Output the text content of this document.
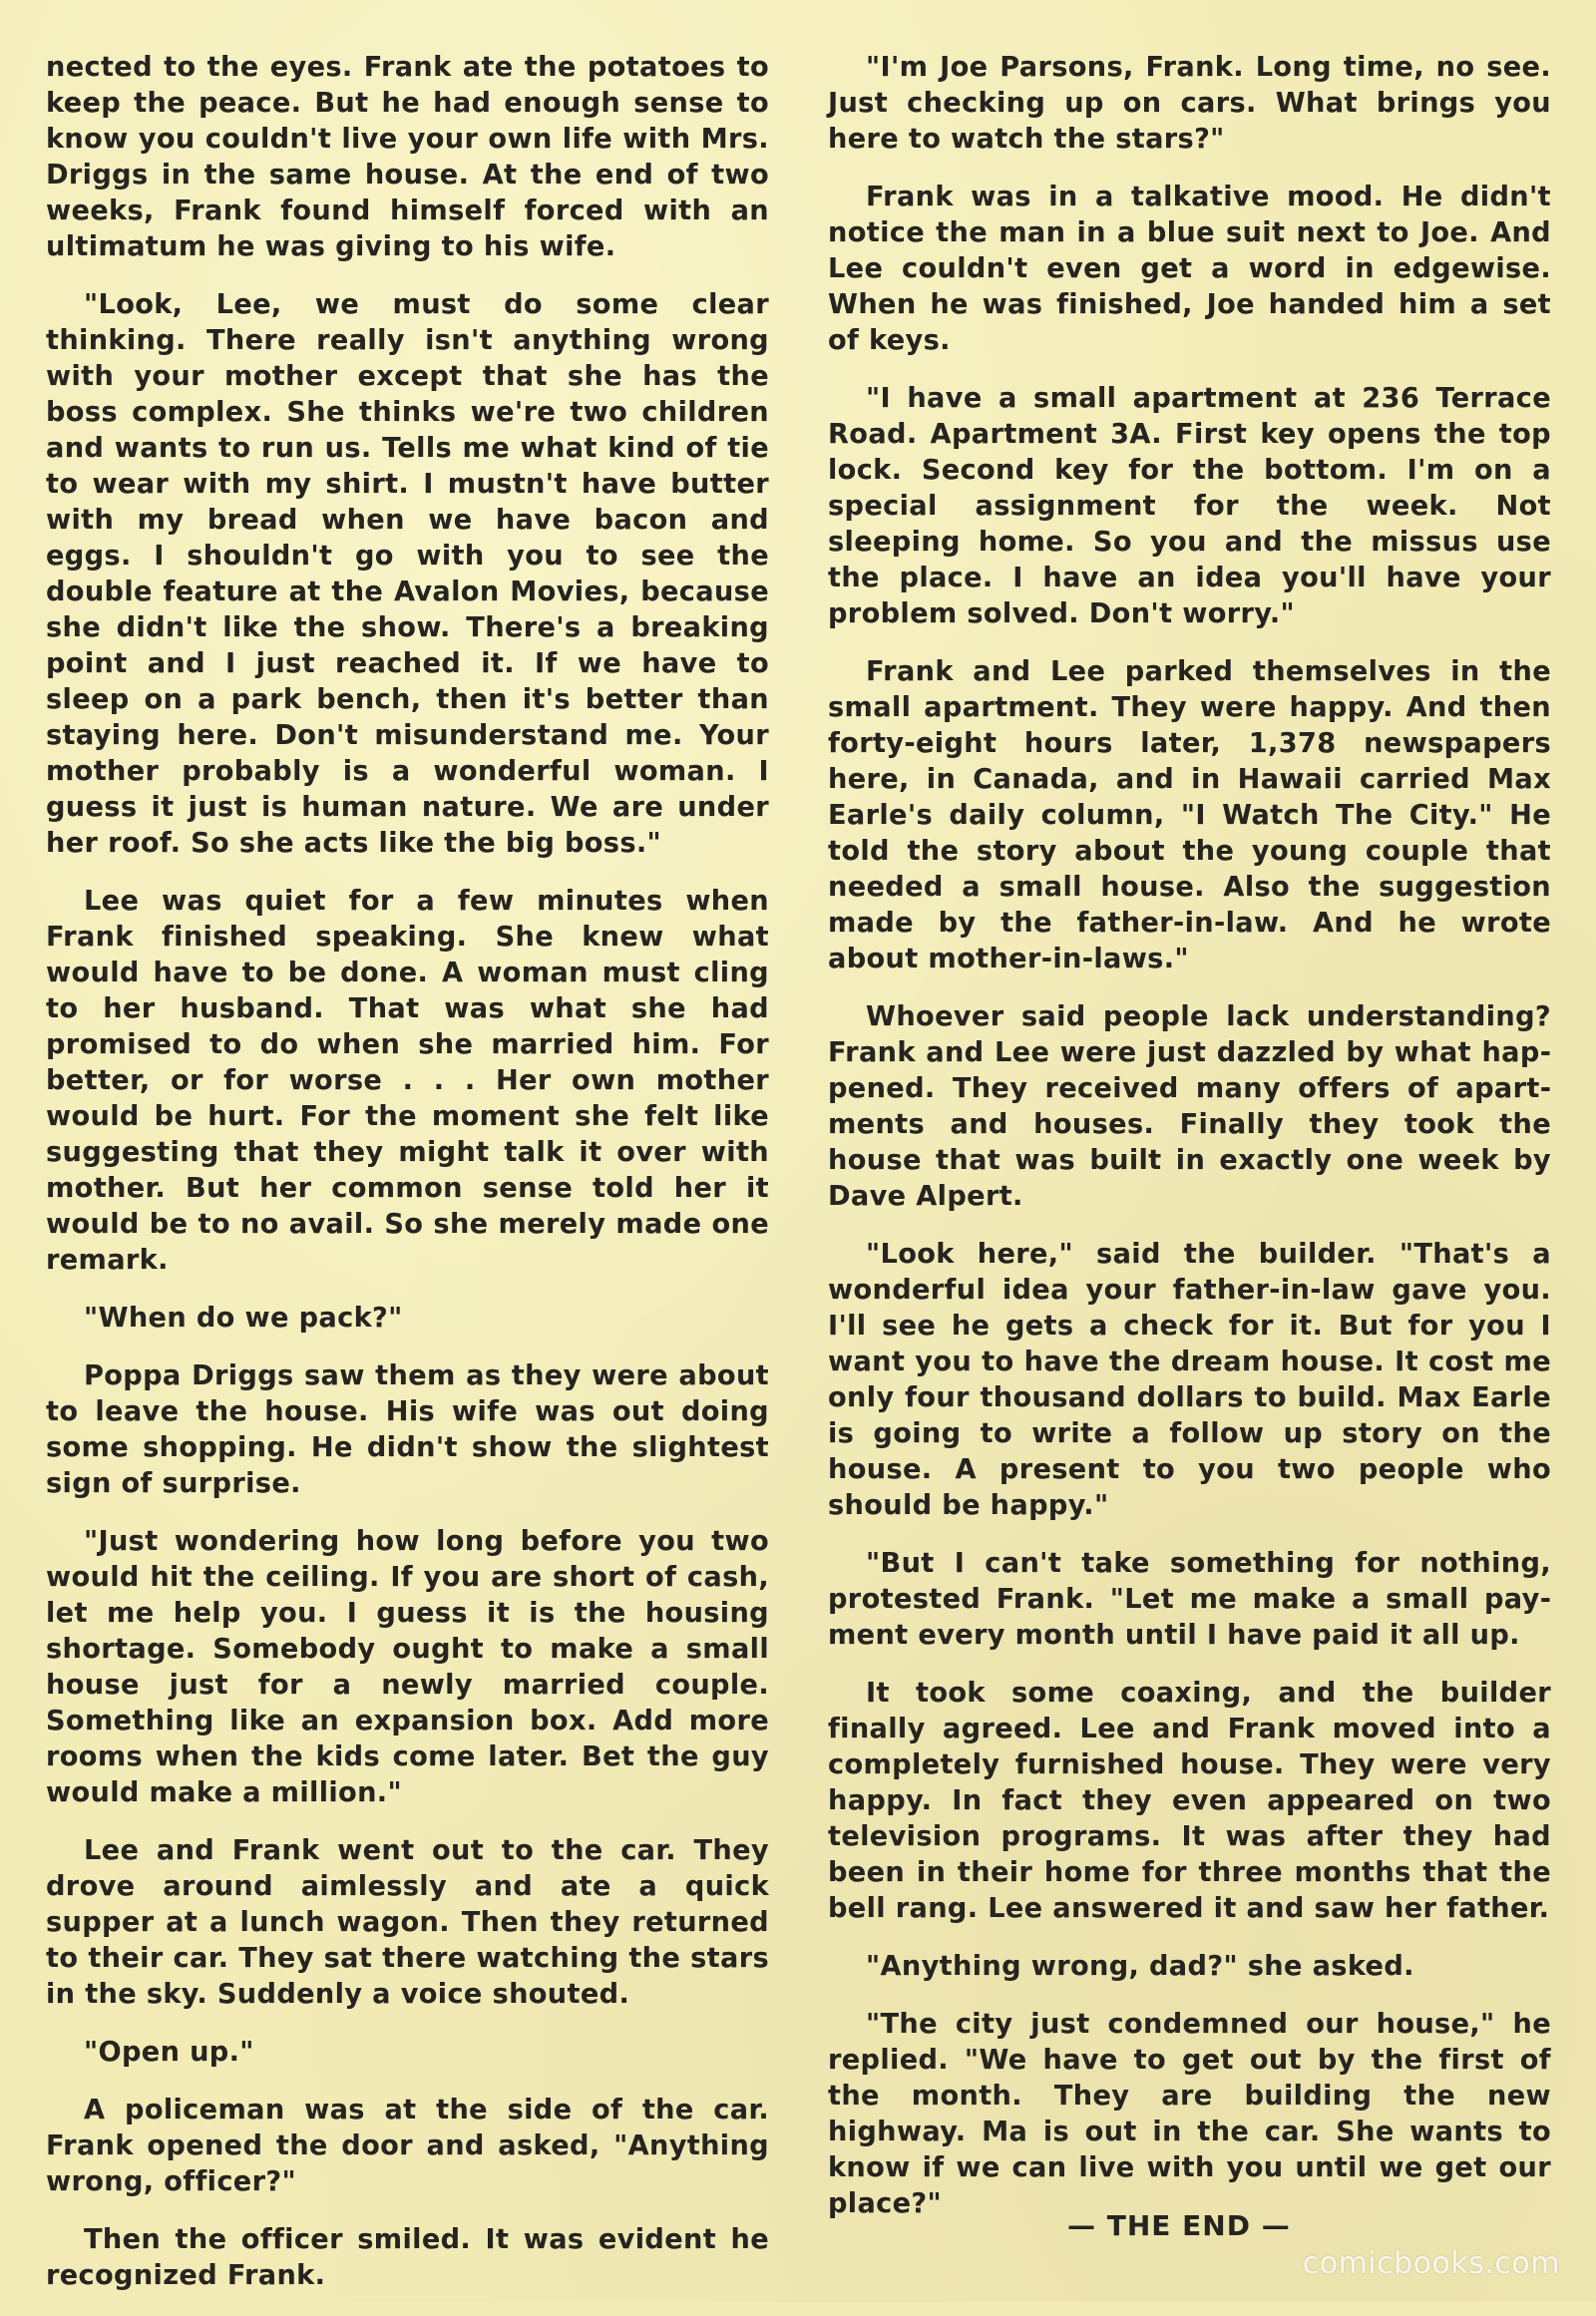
nected to the eyes. Frank ate the potatoes to keep the peace. But he had enough sense to know you couldn't live your own life with Mrs. Driggs in the same house. At the end of two weeks, Frank found himself forced with an ultimatum he was giving to his wife.

"Look, Lee, we must do some clear thinking. There really isn't anything wrong with your mother except that she has the boss complex. She thinks we're two children and wants to run us. Tells me what kind of tie to wear with my shirt. I mustn't have butter with my bread when we have bacon and eggs. I shouldn't go with you to see the double feature at the Avalon Movies, because she didn't like the show. There's a breaking point and I just reached it. If we have to sleep on a park bench, then it's better than staying here. Don't misunderstand me. Your mother probably is a wonderful woman. I guess it just is human nature. We are under her roof. So she acts like the big boss."

Lee was quiet for a few minutes when Frank finished speaking. She knew what would have to be done. A woman must cling to her husband. That was what she had promised to do when she married him. For better, or for worse . . . Her own mother would be hurt. For the moment she felt like suggesting that they might talk it over with mother. But her common sense told her it would be to no avail. So she merely made one remark.

"When do we pack?"

Poppa Driggs saw them as they were about to leave the house. His wife was out doing some shopping. He didn't show the slightest sign of surprise.

"Just wondering how long before you two would hit the ceiling. If you are short of cash, let me help you. I guess it is the housing shortage. Somebody ought to make a small house just for a newly married couple. Something like an expansion box. Add more rooms when the kids come later. Bet the guy would make a million."

Lee and Frank went out to the car. They drove around aimlessly and ate a quick supper at a lunch wagon. Then they returned to their car. They sat there watching the stars in the sky. Suddenly a voice shouted.

"Open up."

A policeman was at the side of the car. Frank opened the door and asked, "Anything wrong, officer?"

Then the officer smiled. It was evident he recognized Frank.

"I'm Joe Parsons, Frank. Long time, no see. Just checking up on cars. What brings you here to watch the stars?"

Frank was in a talkative mood. He didn't notice the man in a blue suit next to Joe. And Lee couldn't even get a word in edgewise. When he was finished, Joe handed him a set of keys.

"I have a small apartment at 236 Terrace Road. Apartment 3A. First key opens the top lock. Second key for the bottom. I'm on a special assignment for the week. Not sleeping home. So you and the missus use the place. I have an idea you'll have your problem solved. Don't worry."

Frank and Lee parked themselves in the small apartment. They were happy. And then forty-eight hours later, 1,378 newspapers here, in Canada, and in Hawaii carried Max Earle's daily column, "I Watch The City." He told the story about the young couple that needed a small house. Also the suggestion made by the father-in-law. And he wrote about mother-in-laws."

Whoever said people lack understanding? Frank and Lee were just dazzled by what happened. They received many offers of apartments and houses. Finally they took the house that was built in exactly one week by Dave Alpert.

"Look here," said the builder. "That's a wonderful idea your father-in-law gave you. I'll see he gets a check for it. But for you I want you to have the dream house. It cost me only four thousand dollars to build. Max Earle is going to write a follow up story on the house. A present to you two people who should be happy."

"But I can't take something for nothing, protested Frank. "Let me make a small payment every month until I have paid it all up.

It took some coaxing, and the builder finally agreed. Lee and Frank moved into a completely furnished house. They were very happy. In fact they even appeared on two television programs. It was after they had been in their home for three months that the bell rang. Lee answered it and saw her father.

"Anything wrong, dad?" she asked.

"The city just condemned our house," he replied. "We have to get out by the first of the month. They are building the new highway. Ma is out in the car. She wants to know if we can live with you until we get our place?"

— THE END —
comicbooks.com
